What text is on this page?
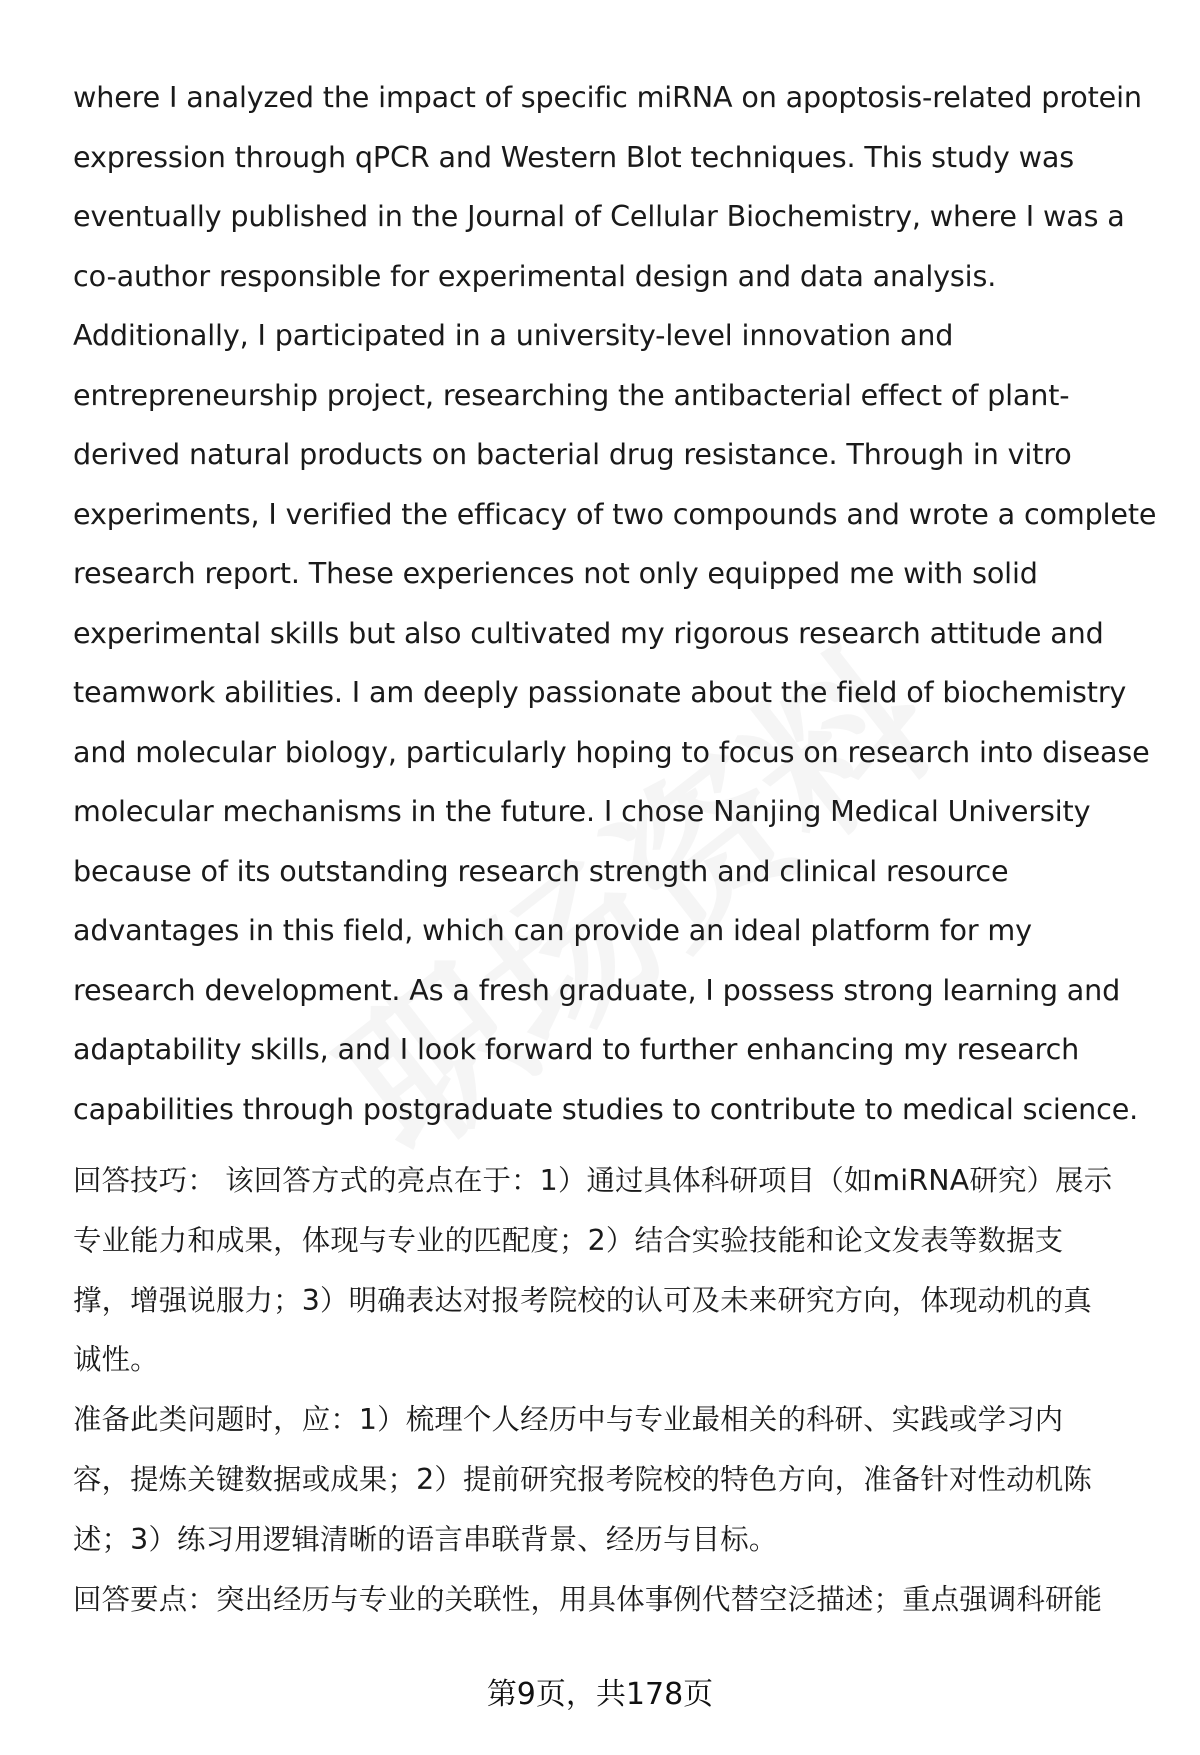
where I analyzed the impact of specific miRNA on apoptosis-related protein
expression through qPCR and Western Blot techniques. This study was
eventually published in the Journal of Cellular Biochemistry, where I was a
co-author responsible for experimental design and data analysis.
Additionally, I participated in a university-level innovation and
entrepreneurship project, researching the antibacterial effect of plant-
derived natural products on bacterial drug resistance. Through in vitro
experiments, I verified the efficacy of two compounds and wrote a complete
research report. These experiences not only equipped me with solid
experimental skills but also cultivated my rigorous research attitude and
teamwork abilities. I am deeply passionate about the field of biochemistry
and molecular biology, particularly hoping to focus on research into disease
molecular mechanisms in the future. I chose Nanjing Medical University
because of its outstanding research strength and clinical resource
advantages in this field, which can provide an ideal platform for my
research development. As a fresh graduate, I possess strong learning and
adaptability skills, and I look forward to further enhancing my research
capabilities through postgraduate studies to contribute to medical science.

回答技巧： 该回答方式的亮点在于：1）通过具体科研项目（如miRNA研究）展示
专业能力和成果，体现与专业的匹配度；2）结合实验技能和论文发表等数据支
撑，增强说服力；3）明确表达对报考院校的认可及未来研究方向，体现动机的真
诚性。
准备此类问题时，应：1）梳理个人经历中与专业最相关的科研、实践或学习内
容，提炼关键数据或成果；2）提前研究报考院校的特色方向，准备针对性动机陈
述；3）练习用逻辑清晰的语言串联背景、经历与目标。
回答要点：突出经历与专业的关联性，用具体事例代替空泛描述；重点强调科研能
第9页，共178页
